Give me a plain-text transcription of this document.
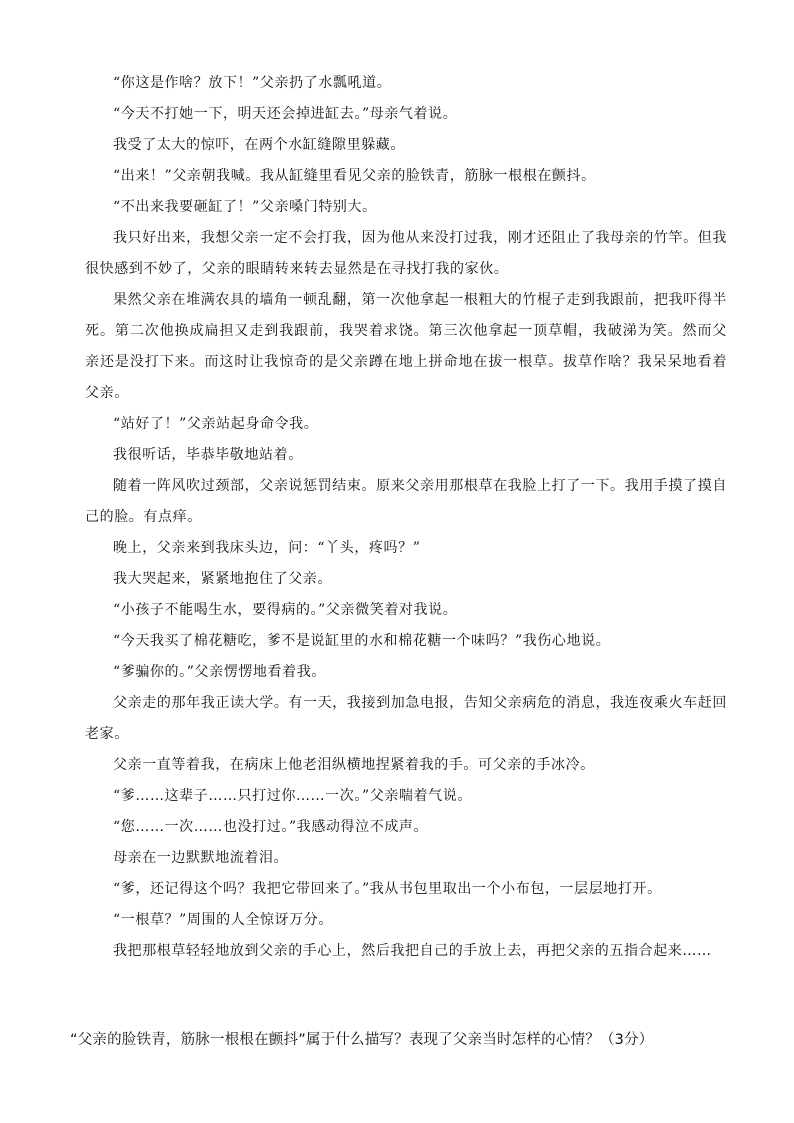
“你这是作啥？放下！”父亲扔了水瓢吼道。

“今天不打她一下，明天还会掉进缸去。”母亲气着说。

我受了太大的惊吓，在两个水缸缝隙里躲藏。

“出来！”父亲朝我喊。我从缸缝里看见父亲的脸铁青，筋脉一根根在颤抖。

“不出来我要砸缸了！”父亲嗓门特别大。

我只好出来，我想父亲一定不会打我，因为他从来没打过我，刚才还阻止了我母亲的竹竿。但我很快感到不妙了，父亲的眼睛转来转去显然是在寻找打我的家伙。

果然父亲在堆满农具的墙角一顿乱翻，第一次他拿起一根粗大的竹棍子走到我跟前，把我吓得半死。第二次他换成扁担又走到我跟前，我哭着求饶。第三次他拿起一顶草帽，我破涕为笑。然而父亲还是没打下来。而这时让我惊奇的是父亲蹲在地上拼命地在拔一根草。拔草作啥？我呆呆地看着父亲。

“站好了！”父亲站起身命令我。

我很听话，毕恭毕敬地站着。

随着一阵风吹过颈部，父亲说惩罚结束。原来父亲用那根草在我脸上打了一下。我用手摸了摸自己的脸。有点痒。

晚上，父亲来到我床头边，问：“丫头，疼吗？”

我大哭起来，紧紧地抱住了父亲。

“小孩子不能喝生水，要得病的。”父亲微笑着对我说。

“今天我买了棉花糖吃，爹不是说缸里的水和棉花糖一个味吗？”我伤心地说。

“爹骗你的。”父亲愣愣地看着我。

父亲走的那年我正读大学。有一天，我接到加急电报，告知父亲病危的消息，我连夜乘火车赶回老家。

父亲一直等着我，在病床上他老泪纵横地捏紧着我的手。可父亲的手冰冷。

“爹……这辈子……只打过你……一次。”父亲喘着气说。

“您……一次……也没打过。”我感动得泣不成声。

母亲在一边默默地流着泪。

“爹，还记得这个吗？我把它带回来了。”我从书包里取出一个小布包，一层层地打开。

“一根草？”周围的人全惊讶万分。

我把那根草轻轻地放到父亲的手心上，然后我把自己的手放上去，再把父亲的五指合起来……

“父亲的脸铁青，筋脉一根根在颤抖”属于什么描写？表现了父亲当时怎样的心情？（3分）
